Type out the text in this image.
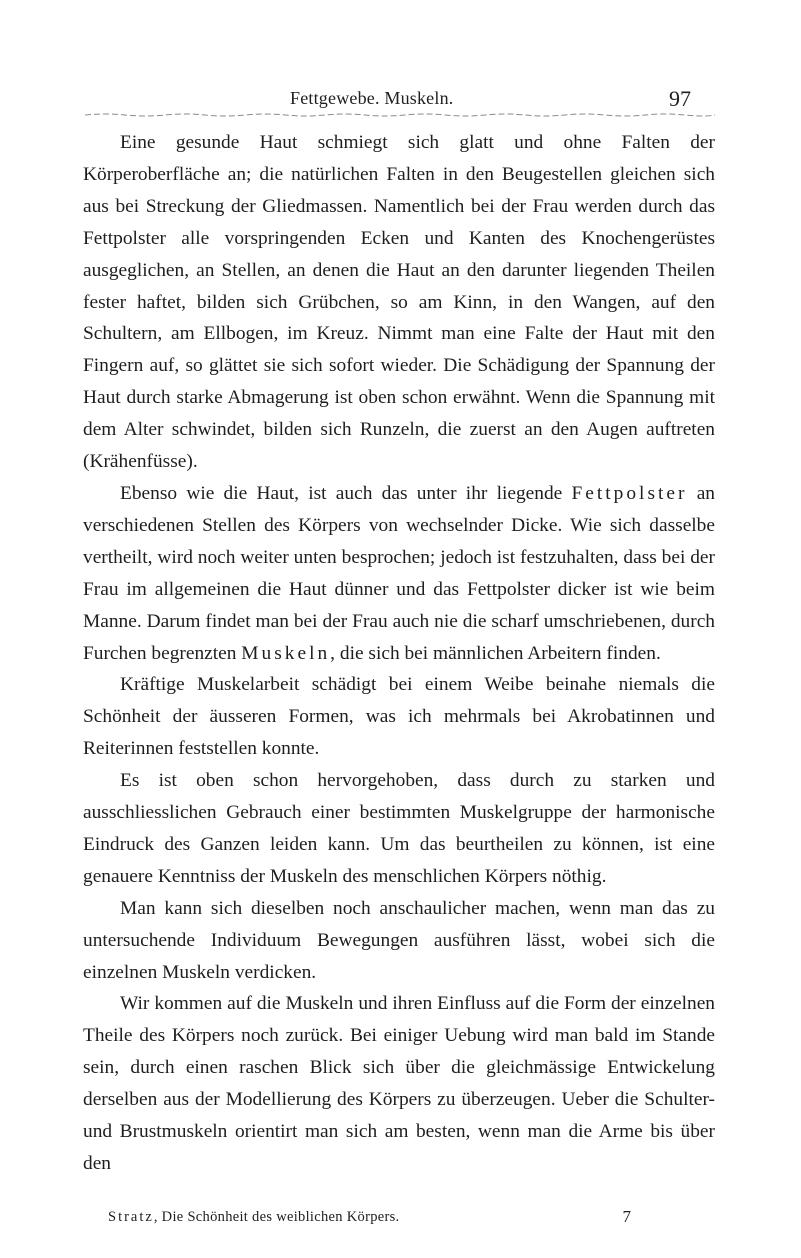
Fettgewebe. Muskeln.	97

Eine gesunde Haut schmiegt sich glatt und ohne Falten der Körperoberfläche an; die natürlichen Falten in den Beugestellen gleichen sich aus bei Streckung der Gliedmassen. Namentlich bei der Frau werden durch das Fettpolster alle vorspringenden Ecken und Kanten des Knochengerüstes ausgeglichen, an Stellen, an denen die Haut an den darunter liegenden Theilen fester haftet, bilden sich Grübchen, so am Kinn, in den Wangen, auf den Schultern, am Ellbogen, im Kreuz. Nimmt man eine Falte der Haut mit den Fingern auf, so glättet sie sich sofort wieder. Die Schädigung der Spannung der Haut durch starke Abmagerung ist oben schon erwähnt. Wenn die Spannung mit dem Alter schwindet, bilden sich Runzeln, die zuerst an den Augen auftreten (Krähenfüsse).

Ebenso wie die Haut, ist auch das unter ihr liegende Fettpolster an verschiedenen Stellen des Körpers von wechselnder Dicke. Wie sich dasselbe vertheilt, wird noch weiter unten besprochen; jedoch ist festzuhalten, dass bei der Frau im allgemeinen die Haut dünner und das Fettpolster dicker ist wie beim Manne. Darum findet man bei der Frau auch nie die scharf umschriebenen, durch Furchen begrenzten Muskeln, die sich bei männlichen Arbeitern finden.

Kräftige Muskelarbeit schädigt bei einem Weibe beinahe niemals die Schönheit der äusseren Formen, was ich mehrmals bei Akrobatinnen und Reiterinnen feststellen konnte.

Es ist oben schon hervorgehoben, dass durch zu starken und ausschliesslichen Gebrauch einer bestimmten Muskelgruppe der harmonische Eindruck des Ganzen leiden kann. Um das beurtheilen zu können, ist eine genauere Kenntniss der Muskeln des menschlichen Körpers nöthig.

Man kann sich dieselben noch anschaulicher machen, wenn man das zu untersuchende Individuum Bewegungen ausführen lässt, wobei sich die einzelnen Muskeln verdicken.

Wir kommen auf die Muskeln und ihren Einfluss auf die Form der einzelnen Theile des Körpers noch zurück. Bei einiger Uebung wird man bald im Stande sein, durch einen raschen Blick sich über die gleichmässige Entwickelung derselben aus der Modellierung des Körpers zu überzeugen. Ueber die Schulter- und Brustmuskeln orientirt man sich am besten, wenn man die Arme bis über den

Stratz, Die Schönheit des weiblichen Körpers.	7
